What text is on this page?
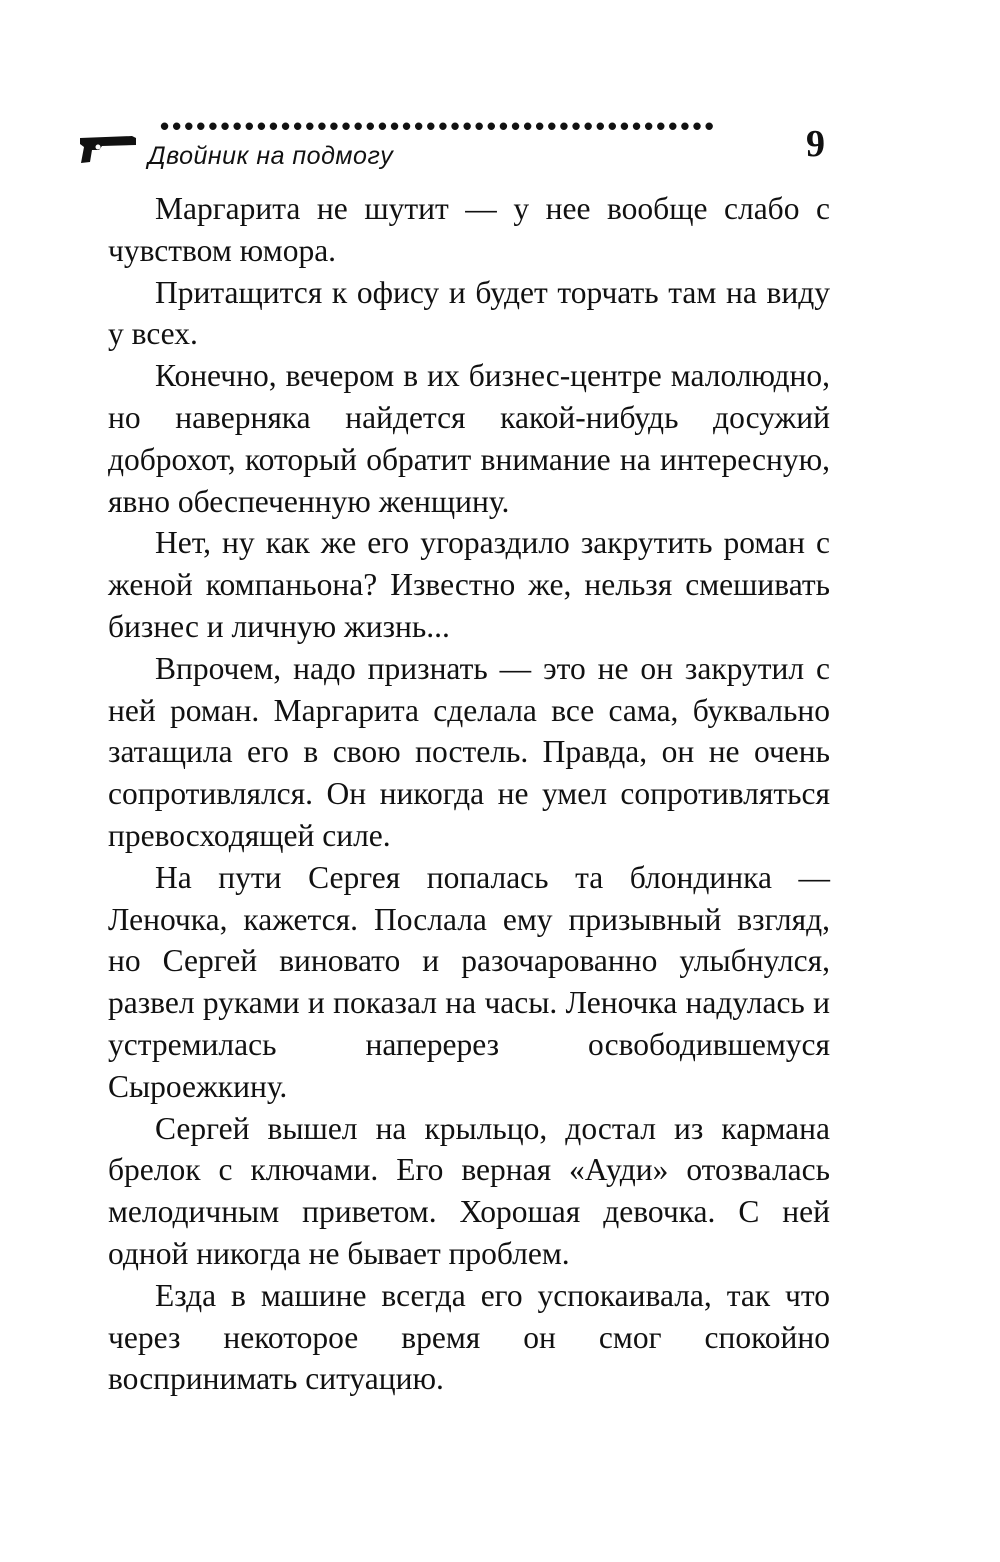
••••••••••••••••••••••••••••••••••••••••••••••
Двойник на подмогу	9

Маргарита не шутит — у нее вообще слабо с чувством юмора.

Притащится к офису и будет торчать там на виду у всех.

Конечно, вечером в их бизнес-центре малолюдно, но наверняка найдется какой-нибудь досужий доброхот, который обратит внимание на интересную, явно обеспеченную женщину.

Нет, ну как же его угораздило закрутить роман с женой компаньона? Известно же, нельзя смешивать бизнес и личную жизнь...

Впрочем, надо признать — это не он закрутил с ней роман. Маргарита сделала все сама, буквально затащила его в свою постель. Правда, он не очень сопротивлялся. Он никогда не умел сопротивляться превосходящей силе.

На пути Сергея попалась та блондинка — Леночка, кажется. Послала ему призывный взгляд, но Сергей виновато и разочарованно улыбнулся, развел руками и показал на часы. Леночка надулась и устремилась наперерез освободившемуся Сыроежкину.

Сергей вышел на крыльцо, достал из кармана брелок с ключами. Его верная «Ауди» отозвалась мелодичным приветом. Хорошая девочка. С ней одной никогда не бывает проблем.

Езда в машине всегда его успокаивала, так что через некоторое время он смог спокойно воспринимать ситуацию.
